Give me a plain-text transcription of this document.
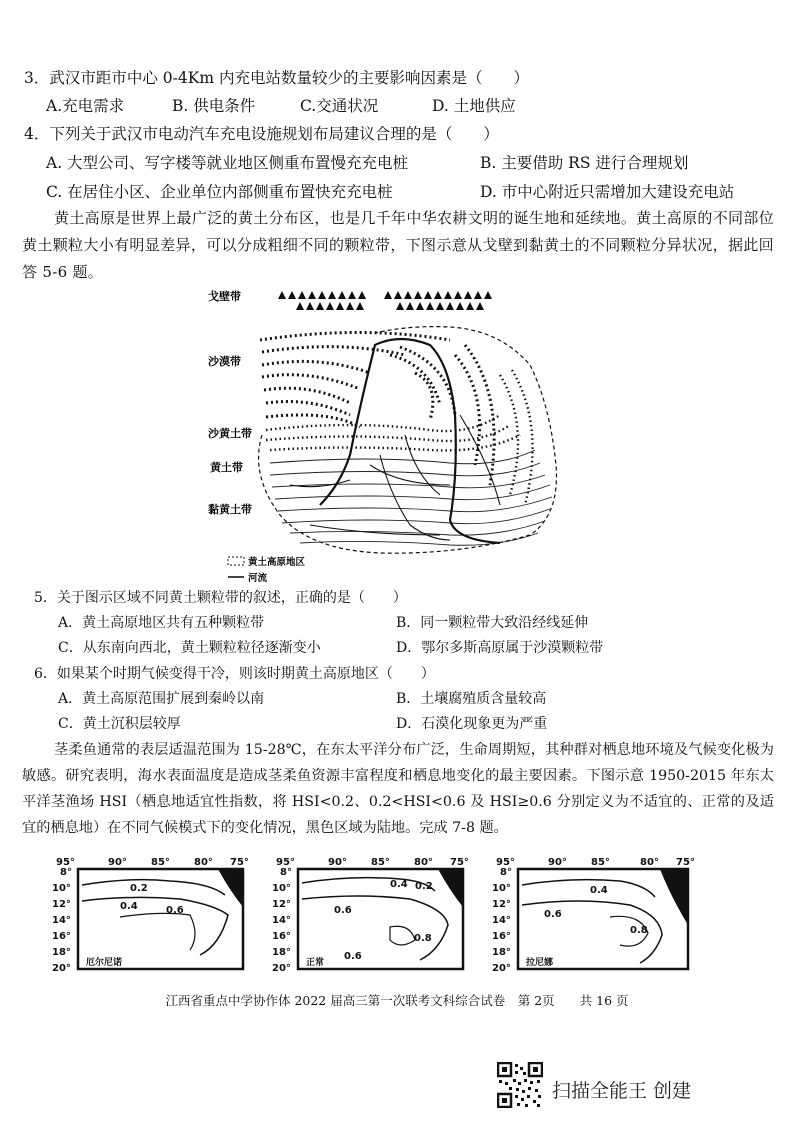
3．武汉市距市中心 0-4Km 内充电站数量较少的主要影响因素是（　　）
A.充电需求	B. 供电条件	C.交通状况	D. 土地供应
4．下列关于武汉市电动汽车充电设施规划布局建议合理的是（　　）
A. 大型公司、写字楼等就业地区侧重布置慢充充电桩	B. 主要借助 RS 进行合理规划
C. 在居住小区、企业单位内部侧重布置快充充电桩	D. 市中心附近只需增加大建设充电站
黄土高原是世界上最广泛的黄土分布区，也是几千年中华农耕文明的诞生地和延续地。黄土高原的不同部位黄土颗粒大小有明显差异，可以分成粗细不同的颗粒带，下图示意从戈壁到黏黄土的不同颗粒分异状况，据此回答 5-6 题。
戈壁带
沙漠带
沙黄土带
黄土带
黏黄土带
黄土高原地区
河流
5．关于图示区域不同黄土颗粒带的叙述，正确的是（　　）
A．黄土高原地区共有五种颗粒带	B．同一颗粒带大致沿经线延伸
C．从东南向西北，黄土颗粒粒径逐渐变小	D．鄂尔多斯高原属于沙漠颗粒带
6．如果某个时期气候变得干冷，则该时期黄土高原地区（　　）
A．黄土高原范围扩展到秦岭以南	B．土壤腐殖质含量较高
C．黄土沉积层较厚	D．石漠化现象更为严重
茎柔鱼通常的表层适温范围为 15-28℃，在东太平洋分布广泛，生命周期短，其种群对栖息地环境及气候变化极为敏感。研究表明，海水表面温度是造成茎柔鱼资源丰富程度和栖息地变化的最主要因素。下图示意 1950-2015 年东太平洋茎渔场 HSI（栖息地适宜性指数，将 HSI<0.2、0.2<HSI<0.6 及 HSI≥0.6 分别定义为不适宜的、正常的及适宜的栖息地）在不同气候模式下的变化情况，黑色区域为陆地。完成 7-8 题。
95°	90° 85° 80° 75°
8°
10°
12°
14°
16°
18°
20°
0.2
0.4	0.6
厄尔尼诺
95°	90° 85° 80° 75°
8°
10°
12°
14°
16°
18°
20°
0.4 0.2
0.6
0.6
0.8
正常
95°	90° 85°	80° 75°
8°
10°
12°
14°
16°
18°
20°
0.4
0.6
0.8
拉尼娜
江西省重点中学协作体 2022 届高三第一次联考文科综合试卷　第 2页　　共 16 页
扫描全能王 创建
